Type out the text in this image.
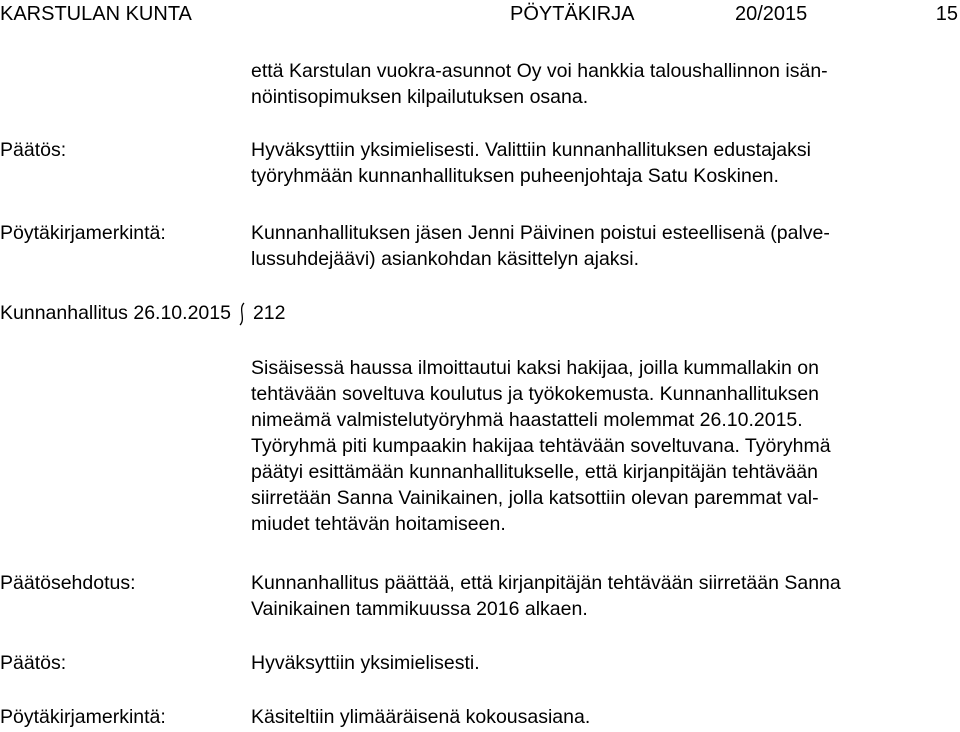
KARSTULAN KUNTA	PÖYTÄKIRJA	20/2015	15
että Karstulan vuokra-asunnot Oy voi hankkia taloushallinnon isän-
nöintisopimuksen kilpailutuksen osana.
Päätös:	Hyväksyttiin yksimielisesti. Valittiin kunnanhallituksen edustajaksi
työryhmään kunnanhallituksen puheenjohtaja Satu Koskinen.
Pöytäkirjamerkintä:	Kunnanhallituksen jäsen Jenni Päivinen poistui esteellisenä (palve-
lussuhdejäävi) asiankohdan käsittelyn ajaksi.
Kunnanhallitus 26.10.2015 212
Sisäisessä haussa ilmoittautui kaksi hakijaa, joilla kummallakin on
tehtävään soveltuva koulutus ja työkokemusta. Kunnanhallituksen
nimeämä valmistelutyöryhmä haastatteli molemmat 26.10.2015.
Työryhmä piti kumpaakin hakijaa tehtävään soveltuvana. Työryhmä
päätyi esittämään kunnanhallitukselle, että kirjanpitäjän tehtävään
siirretään Sanna Vainikainen, jolla katsottiin olevan paremmat val-
miudet tehtävän hoitamiseen.
Päätösehdotus:	Kunnanhallitus päättää, että kirjanpitäjän tehtävään siirretään Sanna
Vainikainen tammikuussa 2016 alkaen.
Päätös:	Hyväksyttiin yksimielisesti.
Pöytäkirjamerkintä:	Käsiteltiin ylimääräisenä kokousasiana.
